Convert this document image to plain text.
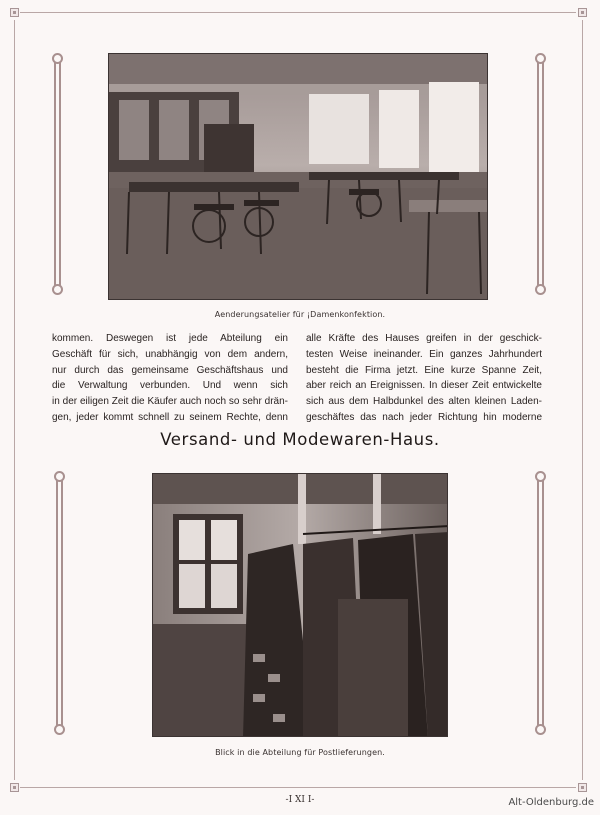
Aenderungsatelier für ¡Damenkonfektion.
kommen. Deswegen ist jede Abteilung ein
Geschäft für sich, unabhängig von dem andern,
nur durch das gemeinsame Geschäftshaus und
die Verwaltung verbunden. Und wenn sich
in der eiligen Zeit die Käufer auch noch so sehr drän-
gen, jeder kommt schnell zu seinem Rechte, denn
alle Kräfte des Hauses greifen in der geschick-
testen Weise ineinander. Ein ganzes Jahrhundert
besteht die Firma jetzt. Eine kurze Spanne Zeit,
aber reich an Ereignissen. In dieser Zeit entwickelte
sich aus dem Halbdunkel des alten kleinen Laden-
geschäftes das nach jeder Richtung hin moderne
Versand- und Modewaren-Haus.
Blick in die Abteilung für Postlieferungen.
-I XI I-	Alt-Oldenburg.de
